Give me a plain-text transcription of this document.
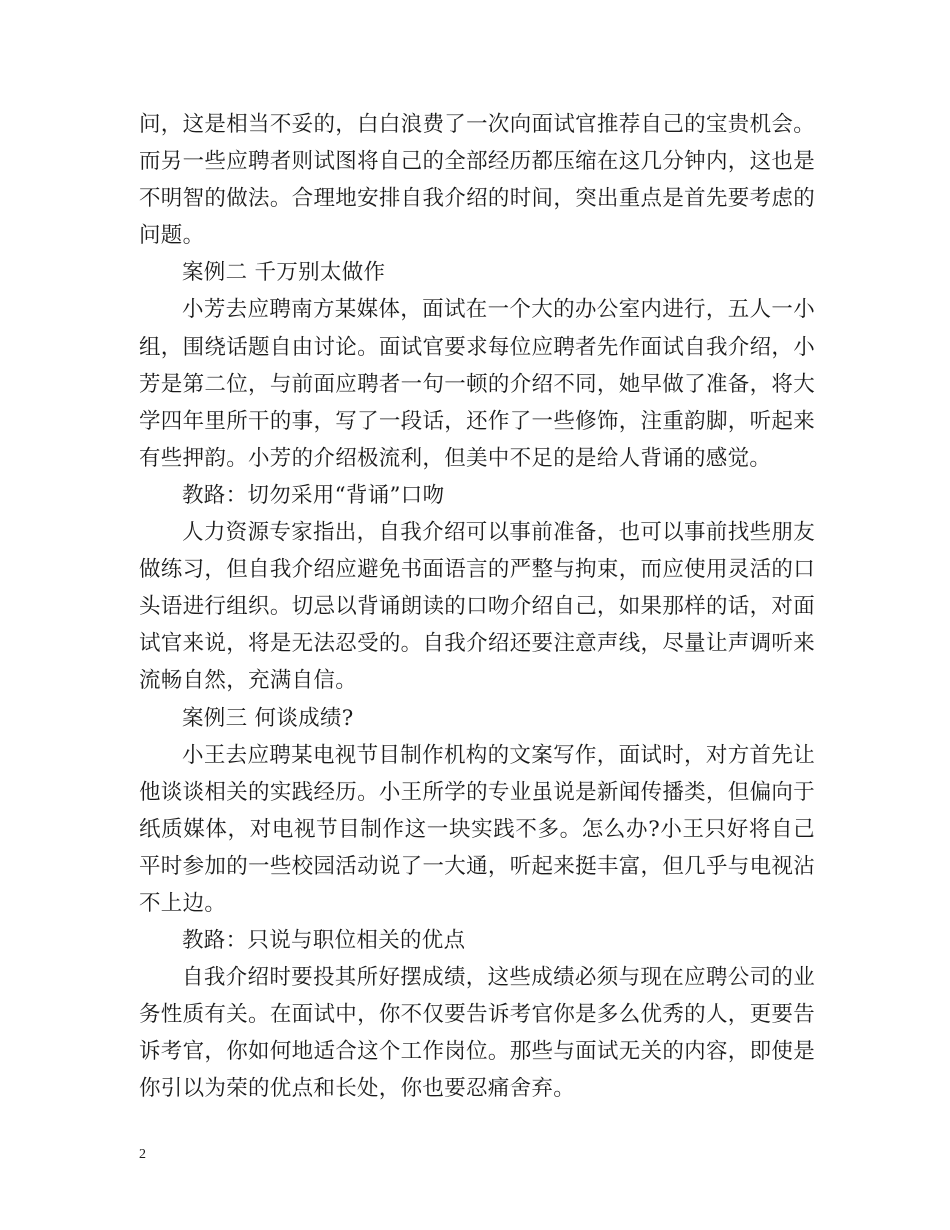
问，这是相当不妥的，白白浪费了一次向面试官推荐自己的宝贵机会。而另一些应聘者则试图将自己的全部经历都压缩在这几分钟内，这也是不明智的做法。合理地安排自我介绍的时间，突出重点是首先要考虑的问题。

案例二 千万别太做作

小芳去应聘南方某媒体，面试在一个大的办公室内进行，五人一小组，围绕话题自由讨论。面试官要求每位应聘者先作面试自我介绍，小芳是第二位，与前面应聘者一句一顿的介绍不同，她早做了准备，将大学四年里所干的事，写了一段话，还作了一些修饰，注重韵脚，听起来有些押韵。小芳的介绍极流利，但美中不足的是给人背诵的感觉。

教路：切勿采用“背诵”口吻

人力资源专家指出，自我介绍可以事前准备，也可以事前找些朋友做练习，但自我介绍应避免书面语言的严整与拘束，而应使用灵活的口头语进行组织。切忌以背诵朗读的口吻介绍自己，如果那样的话，对面试官来说，将是无法忍受的。自我介绍还要注意声线，尽量让声调听来流畅自然，充满自信。

案例三 何谈成绩?

小王去应聘某电视节目制作机构的文案写作，面试时，对方首先让他谈谈相关的实践经历。小王所学的专业虽说是新闻传播类，但偏向于纸质媒体，对电视节目制作这一块实践不多。怎么办?小王只好将自己平时参加的一些校园活动说了一大通，听起来挺丰富，但几乎与电视沾不上边。

教路：只说与职位相关的优点

自我介绍时要投其所好摆成绩，这些成绩必须与现在应聘公司的业务性质有关。在面试中，你不仅要告诉考官你是多么优秀的人，更要告诉考官，你如何地适合这个工作岗位。那些与面试无关的内容，即使是你引以为荣的优点和长处，你也要忍痛舍弃。

2
